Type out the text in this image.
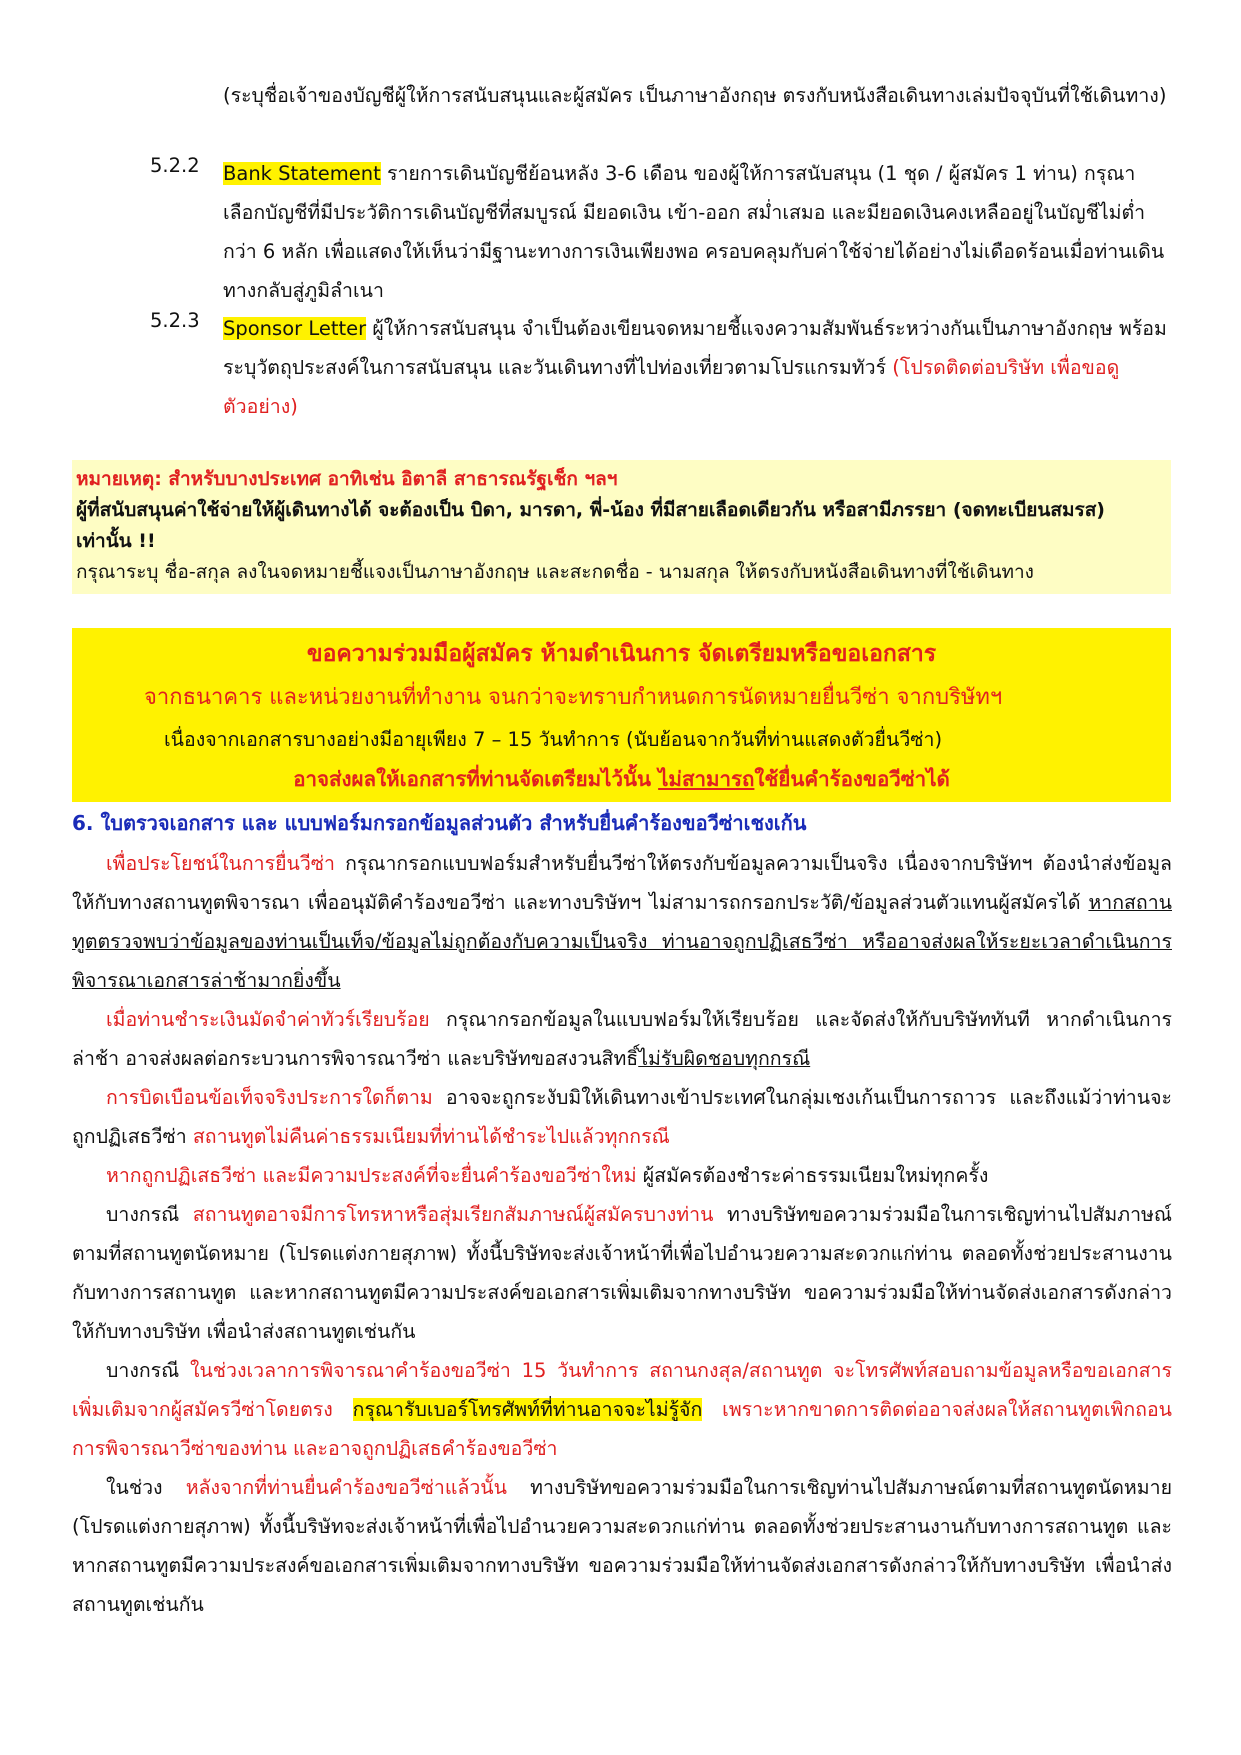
(ระบุชื่อเจ้าของบัญชีผู้ให้การสนับสนุนและผู้สมัคร เป็นภาษาอังกฤษ ตรงกับหนังสือเดินทางเล่มปัจจุบันที่ใช้เดินทาง)
5.2.2	Bank Statement รายการเดินบัญชีย้อนหลัง 3-6 เดือน ของผู้ให้การสนับสนุน (1 ชุด / ผู้สมัคร 1 ท่าน) กรุณาเลือกบัญชีที่มีประวัติการเดินบัญชีที่สมบูรณ์ มียอดเงิน เข้า-ออก สม่ำเสมอ และมียอดเงินคงเหลืออยู่ในบัญชีไม่ต่ำกว่า 6 หลัก เพื่อแสดงให้เห็นว่ามีฐานะทางการเงินเพียงพอ ครอบคลุมกับค่าใช้จ่ายได้อย่างไม่เดือดร้อนเมื่อท่านเดินทางกลับสู่ภูมิลำเนา
5.2.3	Sponsor Letter ผู้ให้การสนับสนุน จำเป็นต้องเขียนจดหมายชี้แจงความสัมพันธ์ระหว่างกันเป็นภาษาอังกฤษ พร้อมระบุวัตถุประสงค์ในการสนับสนุน และวันเดินทางที่ไปท่องเที่ยวตามโปรแกรมทัวร์ (โปรดติดต่อบริษัท เพื่อขอดูตัวอย่าง)
หมายเหตุ: สำหรับบางประเทศ อาทิเช่น อิตาลี สาธารณรัฐเช็ก ฯลฯ
ผู้ที่สนับสนุนค่าใช้จ่ายให้ผู้เดินทางได้ จะต้องเป็น บิดา, มารดา, พี่-น้อง ที่มีสายเลือดเดียวกัน หรือสามีภรรยา (จดทะเบียนสมรส) เท่านั้น !!
กรุณาระบุ ชื่อ-สกุล ลงในจดหมายชี้แจงเป็นภาษาอังกฤษ และสะกดชื่อ - นามสกุล ให้ตรงกับหนังสือเดินทางที่ใช้เดินทาง
ขอความร่วมมือผู้สมัคร ห้ามดำเนินการ จัดเตรียมหรือขอเอกสาร
จากธนาคาร และหน่วยงานที่ทำงาน จนกว่าจะทราบกำหนดการนัดหมายยื่นวีซ่า จากบริษัทฯ
เนื่องจากเอกสารบางอย่างมีอายุเพียง 7 – 15 วันทำการ (นับย้อนจากวันที่ท่านแสดงตัวยื่นวีซ่า)
อาจส่งผลให้เอกสารที่ท่านจัดเตรียมไว้นั้น ไม่สามารถใช้ยื่นคำร้องขอวีซ่าได้
6. ใบตรวจเอกสาร และ แบบฟอร์มกรอกข้อมูลส่วนตัว สำหรับยื่นคำร้องขอวีซ่าเชงเก้น
เพื่อประโยชน์ในการยื่นวีซ่า กรุณากรอกแบบฟอร์มสำหรับยื่นวีซ่าให้ตรงกับข้อมูลความเป็นจริง เนื่องจากบริษัทฯ ต้องนำส่งข้อมูลให้กับทางสถานทูตพิจารณา เพื่ออนุมัติคำร้องขอวีซ่า และทางบริษัทฯ ไม่สามารถกรอกประวัติ/ข้อมูลส่วนตัวแทนผู้สมัครได้ หากสถานทูตตรวจพบว่าข้อมูลของท่านเป็นเท็จ/ข้อมูลไม่ถูกต้องกับความเป็นจริง ท่านอาจถูกปฏิเสธวีซ่า หรืออาจส่งผลให้ระยะเวลาดำเนินการพิจารณาเอกสารล่าช้ามากยิ่งขึ้น
เมื่อท่านชำระเงินมัดจำค่าทัวร์เรียบร้อย กรุณากรอกข้อมูลในแบบฟอร์มให้เรียบร้อย และจัดส่งให้กับบริษัททันที หากดำเนินการล่าช้า อาจส่งผลต่อกระบวนการพิจารณาวีซ่า และบริษัทขอสงวนสิทธิ์ไม่รับผิดชอบทุกกรณี
การบิดเบือนข้อเท็จจริงประการใดก็ตาม อาจจะถูกระงับมิให้เดินทางเข้าประเทศในกลุ่มเชงเก้นเป็นการถาวร และถึงแม้ว่าท่านจะถูกปฏิเสธวีซ่า สถานทูตไม่คืนค่าธรรมเนียมที่ท่านได้ชำระไปแล้วทุกกรณี
หากถูกปฏิเสธวีซ่า และมีความประสงค์ที่จะยื่นคำร้องขอวีซ่าใหม่ ผู้สมัครต้องชำระค่าธรรมเนียมใหม่ทุกครั้ง
บางกรณี สถานทูตอาจมีการโทรหาหรือสุ่มเรียกสัมภาษณ์ผู้สมัครบางท่าน ทางบริษัทขอความร่วมมือในการเชิญท่านไปสัมภาษณ์ตามที่สถานทูตนัดหมาย (โปรดแต่งกายสุภาพ) ทั้งนี้บริษัทจะส่งเจ้าหน้าที่เพื่อไปอำนวยความสะดวกแก่ท่าน ตลอดทั้งช่วยประสานงานกับทางการสถานทูต และหากสถานทูตมีความประสงค์ขอเอกสารเพิ่มเติมจากทางบริษัท ขอความร่วมมือให้ท่านจัดส่งเอกสารดังกล่าวให้กับทางบริษัท เพื่อนำส่งสถานทูตเช่นกัน
บางกรณี ในช่วงเวลาการพิจารณาคำร้องขอวีซ่า 15 วันทำการ สถานกงสุล/สถานทูต จะโทรศัพท์สอบถามข้อมูลหรือขอเอกสารเพิ่มเติมจากผู้สมัครวีซ่าโดยตรง กรุณารับเบอร์โทรศัพท์ที่ท่านอาจจะไม่รู้จัก เพราะหากขาดการติดต่ออาจส่งผลให้สถานทูตเพิกถอนการพิจารณาวีซ่าของท่าน และอาจถูกปฏิเสธคำร้องขอวีซ่า
ในช่วง หลังจากที่ท่านยื่นคำร้องขอวีซ่าแล้วนั้น ทางบริษัทขอความร่วมมือในการเชิญท่านไปสัมภาษณ์ตามที่สถานทูตนัดหมาย (โปรดแต่งกายสุภาพ) ทั้งนี้บริษัทจะส่งเจ้าหน้าที่เพื่อไปอำนวยความสะดวกแก่ท่าน ตลอดทั้งช่วยประสานงานกับทางการสถานทูต และหากสถานทูตมีความประสงค์ขอเอกสารเพิ่มเติมจากทางบริษัท ขอความร่วมมือให้ท่านจัดส่งเอกสารดังกล่าวให้กับทางบริษัท เพื่อนำส่งสถานทูตเช่นกัน
